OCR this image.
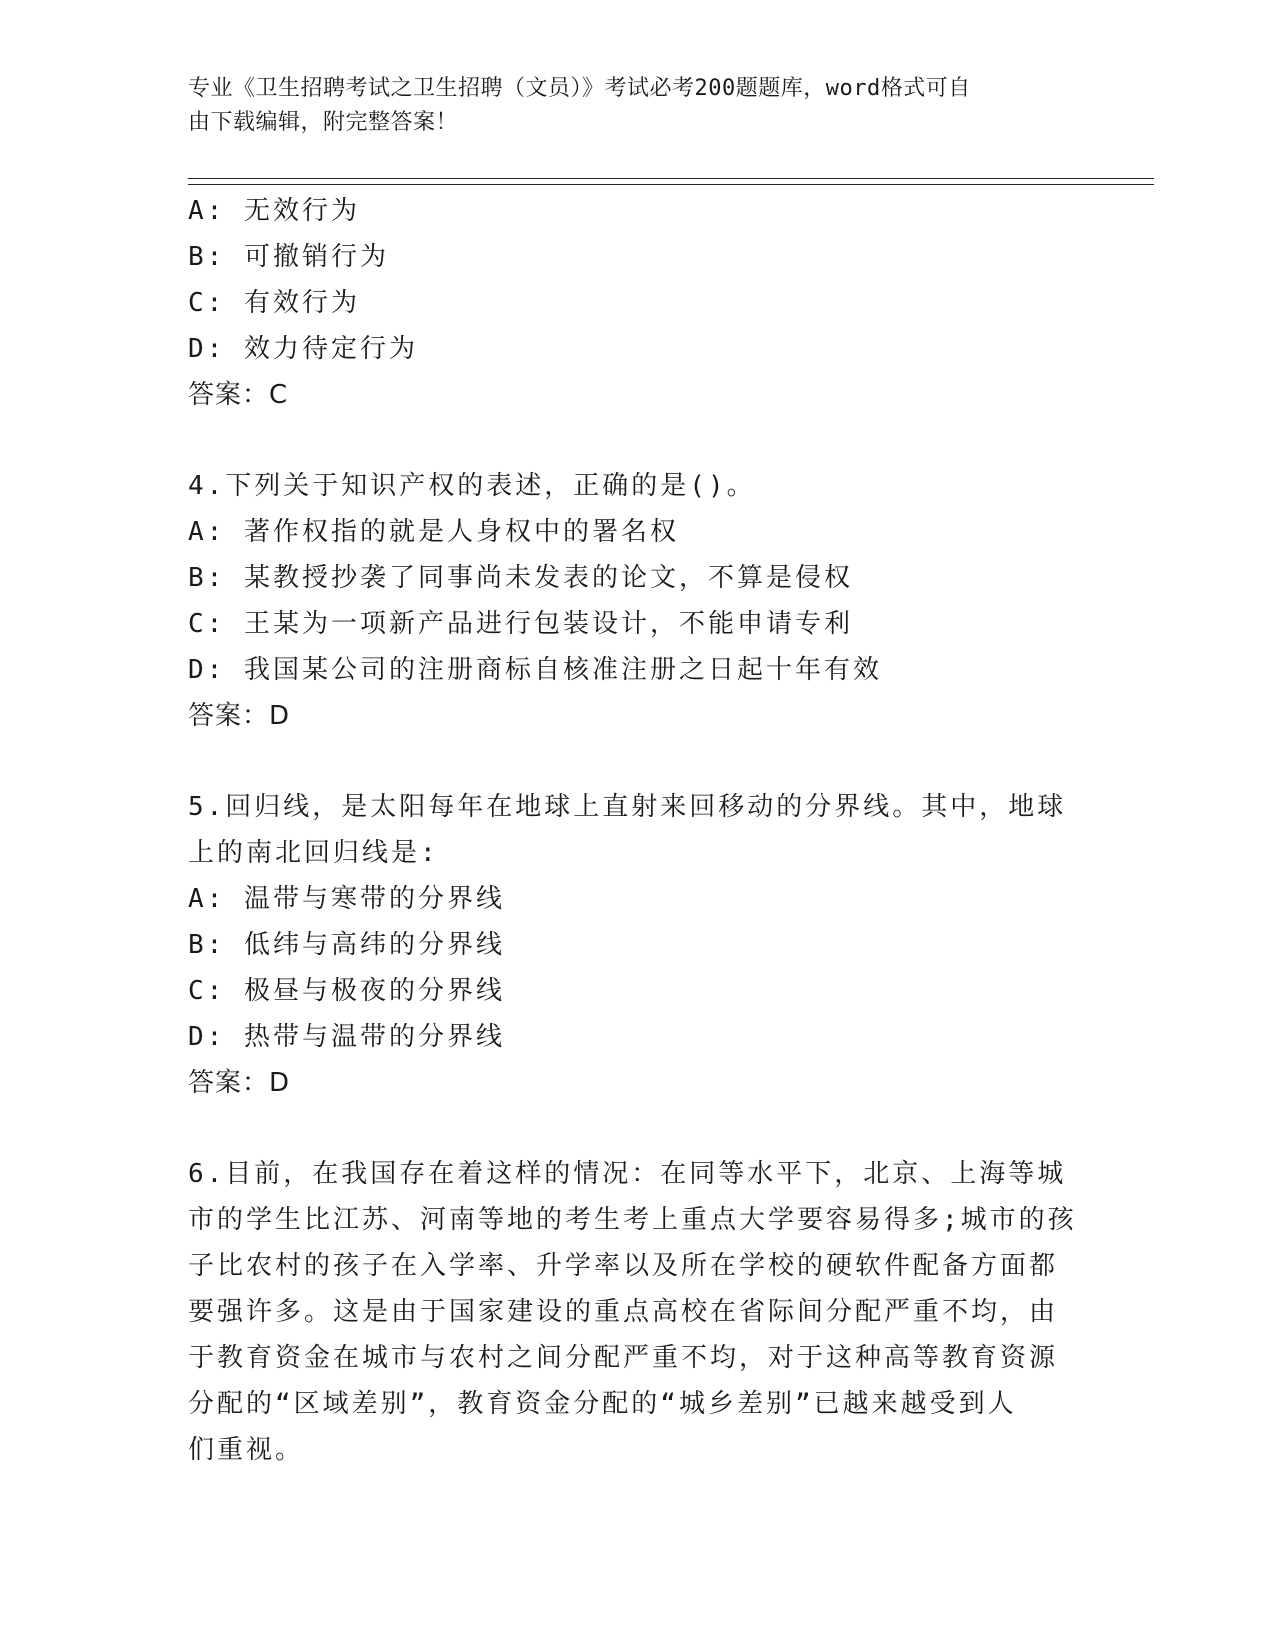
专业《卫生招聘考试之卫生招聘（文员）》考试必考200题题库，word格式可自
由下载编辑，附完整答案！
A: 无效行为
B: 可撤销行为
C: 有效行为
D: 效力待定行为
答案：C
4.下列关于知识产权的表述，正确的是()。
A: 著作权指的就是人身权中的署名权
B: 某教授抄袭了同事尚未发表的论文，不算是侵权
C: 王某为一项新产品进行包装设计，不能申请专利
D: 我国某公司的注册商标自核准注册之日起十年有效
答案：D
5.回归线，是太阳每年在地球上直射来回移动的分界线。其中，地球
上的南北回归线是:
A: 温带与寒带的分界线
B: 低纬与高纬的分界线
C: 极昼与极夜的分界线
D: 热带与温带的分界线
答案：D
6.目前，在我国存在着这样的情况：在同等水平下，北京、上海等城
市的学生比江苏、河南等地的考生考上重点大学要容易得多;城市的孩
子比农村的孩子在入学率、升学率以及所在学校的硬软件配备方面都
要强许多。这是由于国家建设的重点高校在省际间分配严重不均，由
于教育资金在城市与农村之间分配严重不均，对于这种高等教育资源
分配的“区域差别”，教育资金分配的“城乡差别”已越来越受到人
们重视。
